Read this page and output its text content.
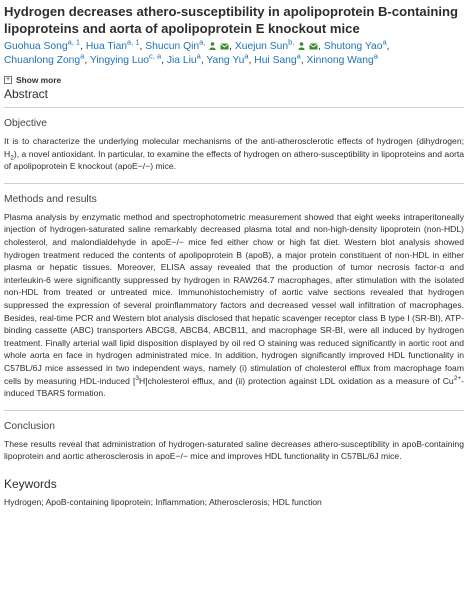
Hydrogen decreases athero-susceptibility in apolipoprotein B-containing lipoproteins and aorta of apolipoprotein E knockout mice
Guohua Song$^{a, 1}$, Hua Tian$^{a, 1}$, Shucun Qin$^{a,}$ , Xuejun Sun$^{b,}$ , Shutong Yao$^a$, Chuanlong Zong$^a$, Yingying Luo$^{c, a}$, Jia Liu$^a$, Yang Yu$^a$, Hui Sang$^a$, Xinnong Wang$^a$
+ Show more
Abstract
Objective

It is to characterize the underlying molecular mechanisms of the anti-atherosclerotic effects of hydrogen (dihydrogen; $H_2$), a novel antioxidant. In particular, to examine the effects of hydrogen on athero-susceptibility in lipoproteins and aorta of apolipoprotein E knockout (apoE−/−) mice.

Methods and results

Plasma analysis by enzymatic method and spectrophotometric measurement showed that eight weeks intraperitoneally injection of hydrogen-saturated saline remarkably decreased plasma total and non-high-density lipoprotein (non-HDL) cholesterol, and malondialdehyde in apoE−/− mice fed either chow or high fat diet. Western blot analysis showed hydrogen treatment reduced the contents of apolipoprotein B (apoB), a major protein constituent of non-HDL in either plasma or hepatic tissues. Moreover, ELISA assay revealed that the production of tumor necrosis factor-α and interleukin-6 were significantly suppressed by hydrogen in RAW264.7 macrophages, after stimulation with the isolated non-HDL from treated or untreated mice. Immunohistochemistry of aortic valve sections revealed that hydrogen suppressed the expression of several proinflammatory factors and decreased vessel wall infiltration of macrophages. Besides, real-time PCR and Western blot analysis disclosed that hepatic scavenger receptor class B type I (SR-BI), ATP-binding cassette (ABC) transporters ABCG8, ABCB4, ABCB11, and macrophage SR-BI, were all induced by hydrogen treatment. Finally arterial wall lipid disposition displayed by oil red O staining was reduced significantly in aortic root and whole aorta en face in hydrogen administrated mice. In addition, hydrogen significantly improved HDL functionality in C57BL/6J mice assessed in two independent ways, namely (i) stimulation of cholesterol efflux from macrophage foam cells by measuring HDL-induced [$^3$H]cholesterol efflux, and (ii) protection against LDL oxidation as a measure of $Cu^{2+}$-induced TBARS formation.

Conclusion

These results reveal that administration of hydrogen-saturated saline decreases athero-susceptibility in apoB-containing lipoprotein and aortic atherosclerosis in apoE−/− mice and improves HDL functionality in C57BL/6J mice.

Keywords
Hydrogen; ApoB-containing lipoprotein; Inflammation; Atherosclerosis; HDL function
